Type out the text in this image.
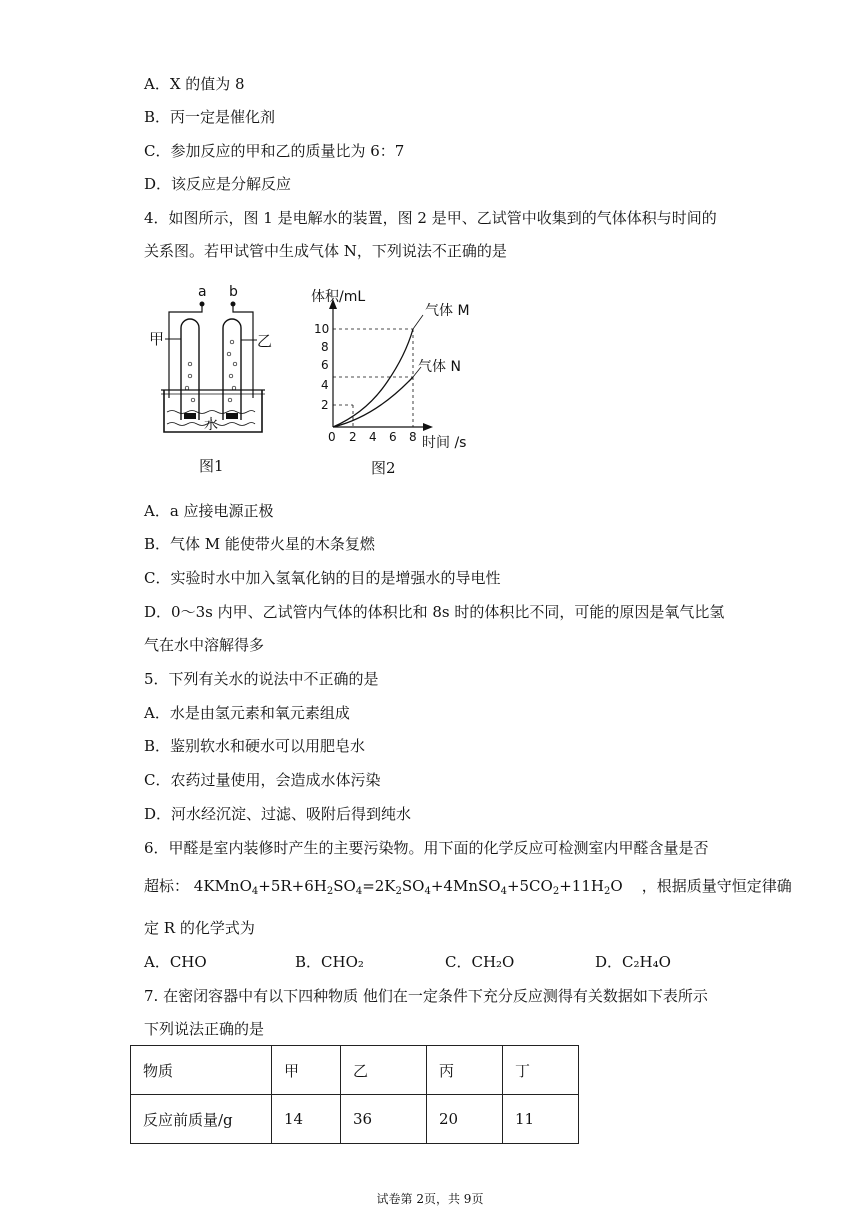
A．X 的值为 8
B．丙一定是催化剂
C．参加反应的甲和乙的质量比为 6：7
D．该反应是分解反应
4．如图所示，图 1 是电解水的装置，图 2 是甲、乙试管中收集到的气体体积与时间的
关系图。若甲试管中生成气体 N，下列说法不正确的是
a b
甲	乙
水
图1
气体 M
气体 N
体积/mL
时间 /s
0 2 4 6 8
2
4
6
8
10
图2
A．a 应接电源正极
B．气体 M 能使带火星的木条复燃
C．实验时水中加入氢氧化钠的目的是增强水的导电性
D．0～3s 内甲、乙试管内气体的体积比和 8s 时的体积比不同，可能的原因是氧气比氢
气在水中溶解得多
5．下列有关水的说法中不正确的是
A．水是由氢元素和氧元素组成
B．鉴别软水和硬水可以用肥皂水
C．农药过量使用，会造成水体污染
D．河水经沉淀、过滤、吸附后得到纯水
6．甲醛是室内装修时产生的主要污染物。用下面的化学反应可检测室内甲醛含量是否
超标： $4KMnO_4+5R+6H_2SO_4=2K_2SO_4+4MnSO_4+5CO_2+11H_2O$ ，根据质量守恒定律确
定 R 的化学式为
A．CHO	B．CHO₂	C．CH₂O	D．C₂H₄O
7. 在密闭容器中有以下四种物质 他们在一定条件下充分反应测得有关数据如下表所示
下列说法正确的是
物质	甲	乙	丙	丁
反应前质量/g	14	36	20	11
试卷第 2页，共 9页
